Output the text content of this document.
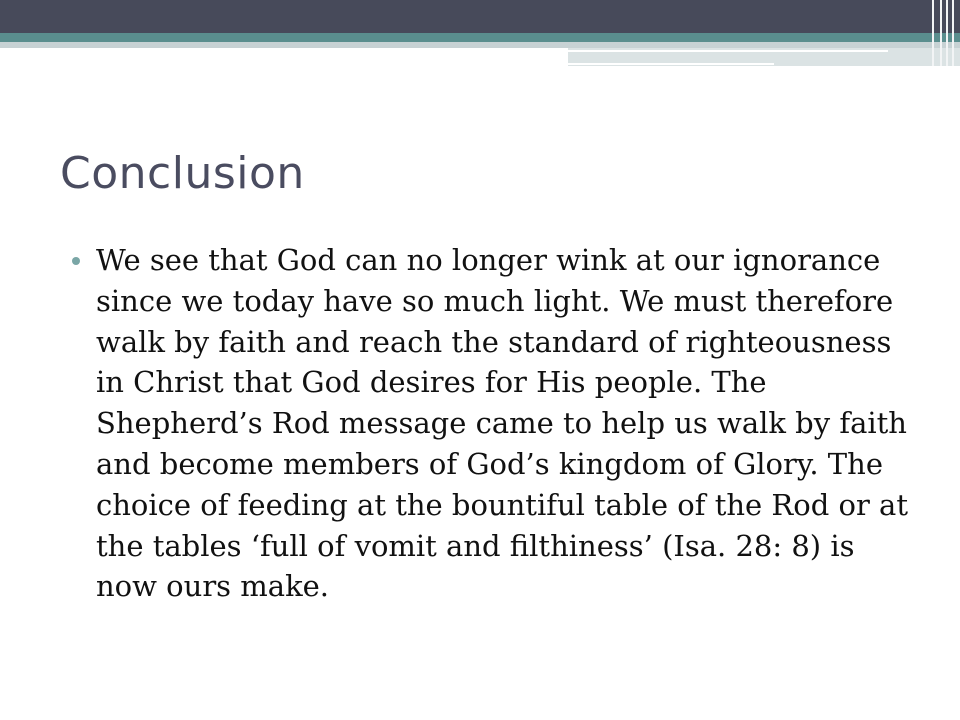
Conclusion
We see that God can no longer wink at our ignorance since we today have so much light. We must therefore walk by faith and reach the standard of righteousness in Christ that God desires for His people. The Shepherd’s Rod message came to help us walk by faith and become members of God’s kingdom of Glory. The choice of feeding at the bountiful table of the Rod or at the tables ‘full of vomit and filthiness’ (Isa. 28: 8) is now ours make.
